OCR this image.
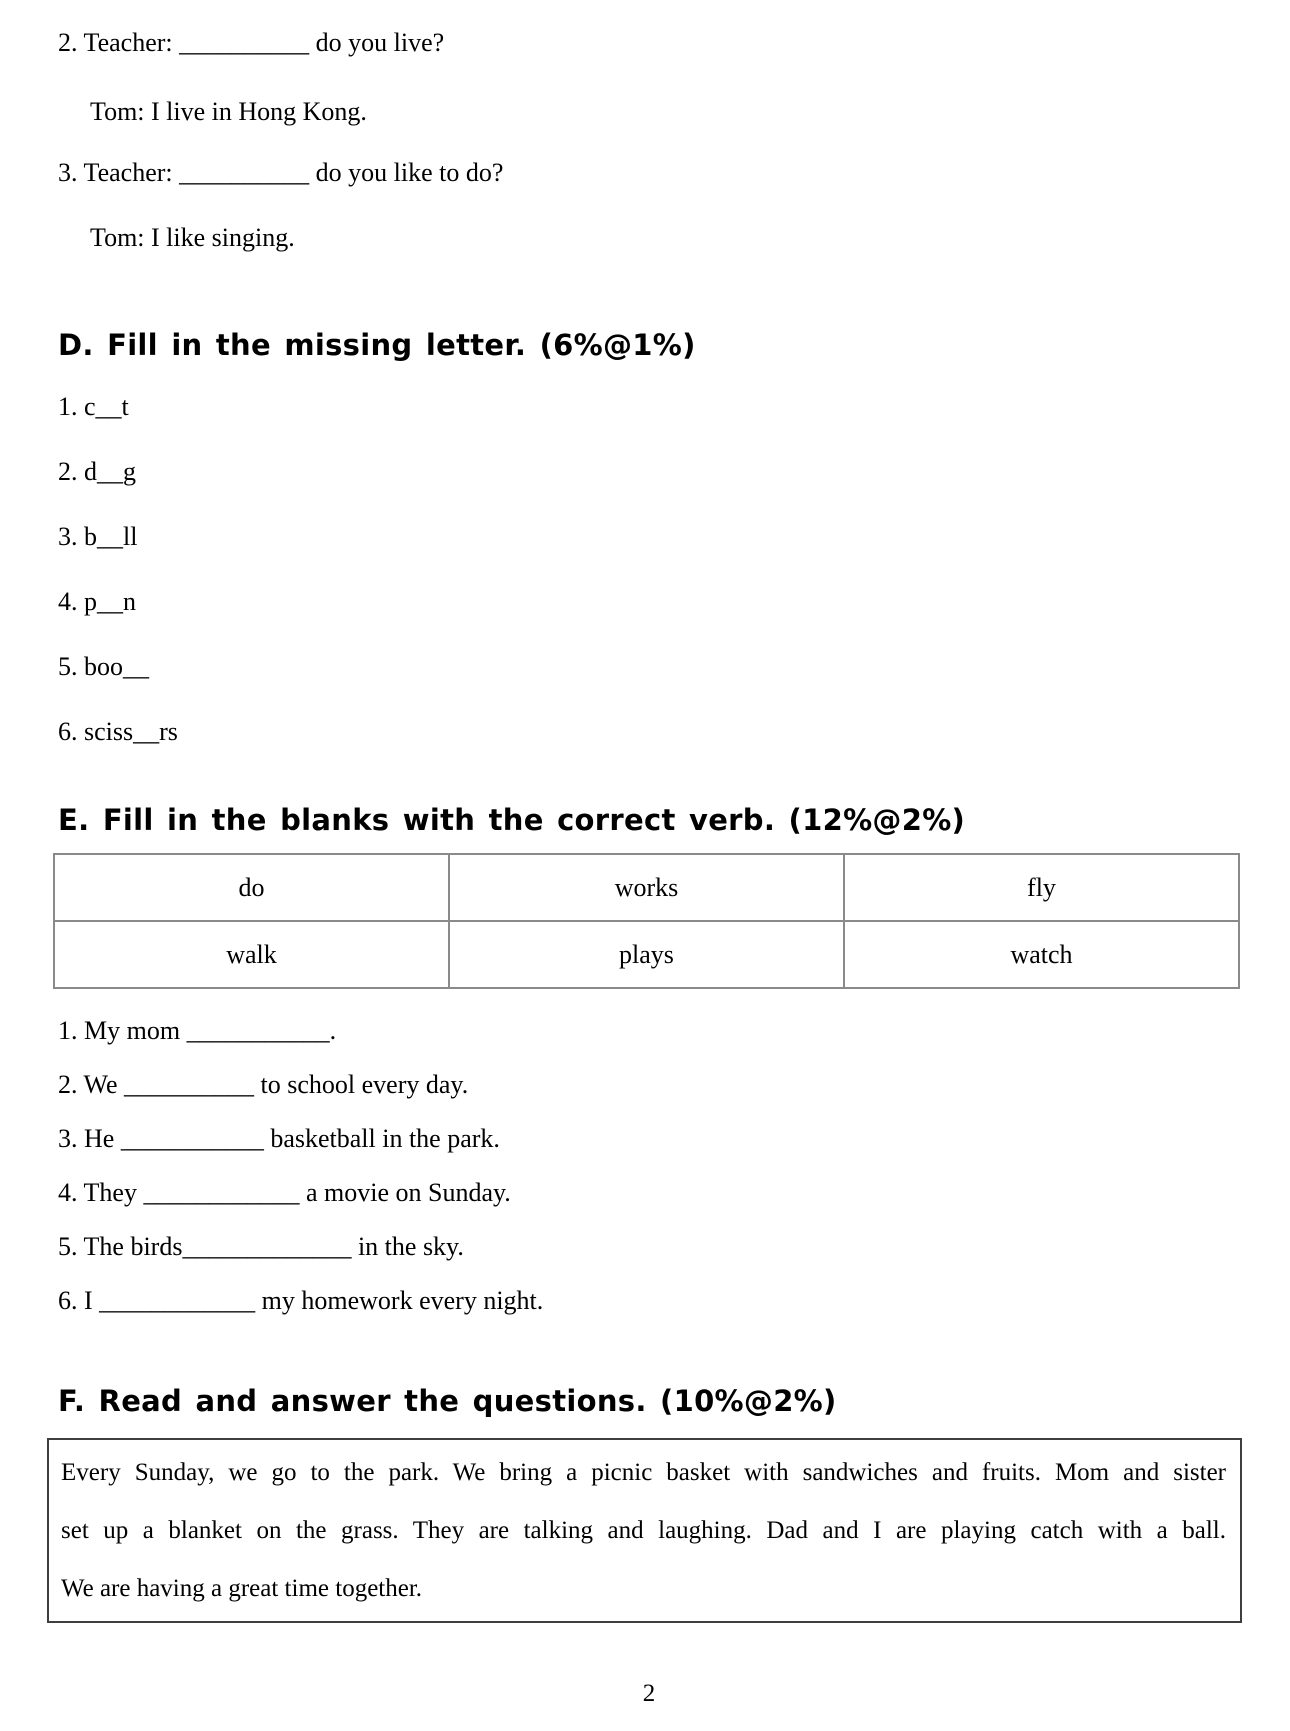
2. Teacher: __________ do you live?

Tom: I live in Hong Kong.

3. Teacher: __________ do you like to do?

Tom: I like singing.

D. Fill in the missing letter. (6%@1%)

1. c__t

2. d__g

3. b__ll

4. p__n

5. boo__

6. sciss__rs

E. Fill in the blanks with the correct verb. (12%@2%)

do	works	fly
walk	plays	watch

1. My mom ___________.

2. We __________ to school every day.

3. He ___________ basketball in the park.

4. They ____________ a movie on Sunday.

5. The birds_____________ in the sky.

6. I ____________ my homework every night.

F. Read and answer the questions. (10%@2%)

Every Sunday, we go to the park. We bring a picnic basket with sandwiches and fruits. Mom and sister

set up a blanket on the grass. They are talking and laughing. Dad and I are playing catch with a ball.

We are having a great time together.

2
